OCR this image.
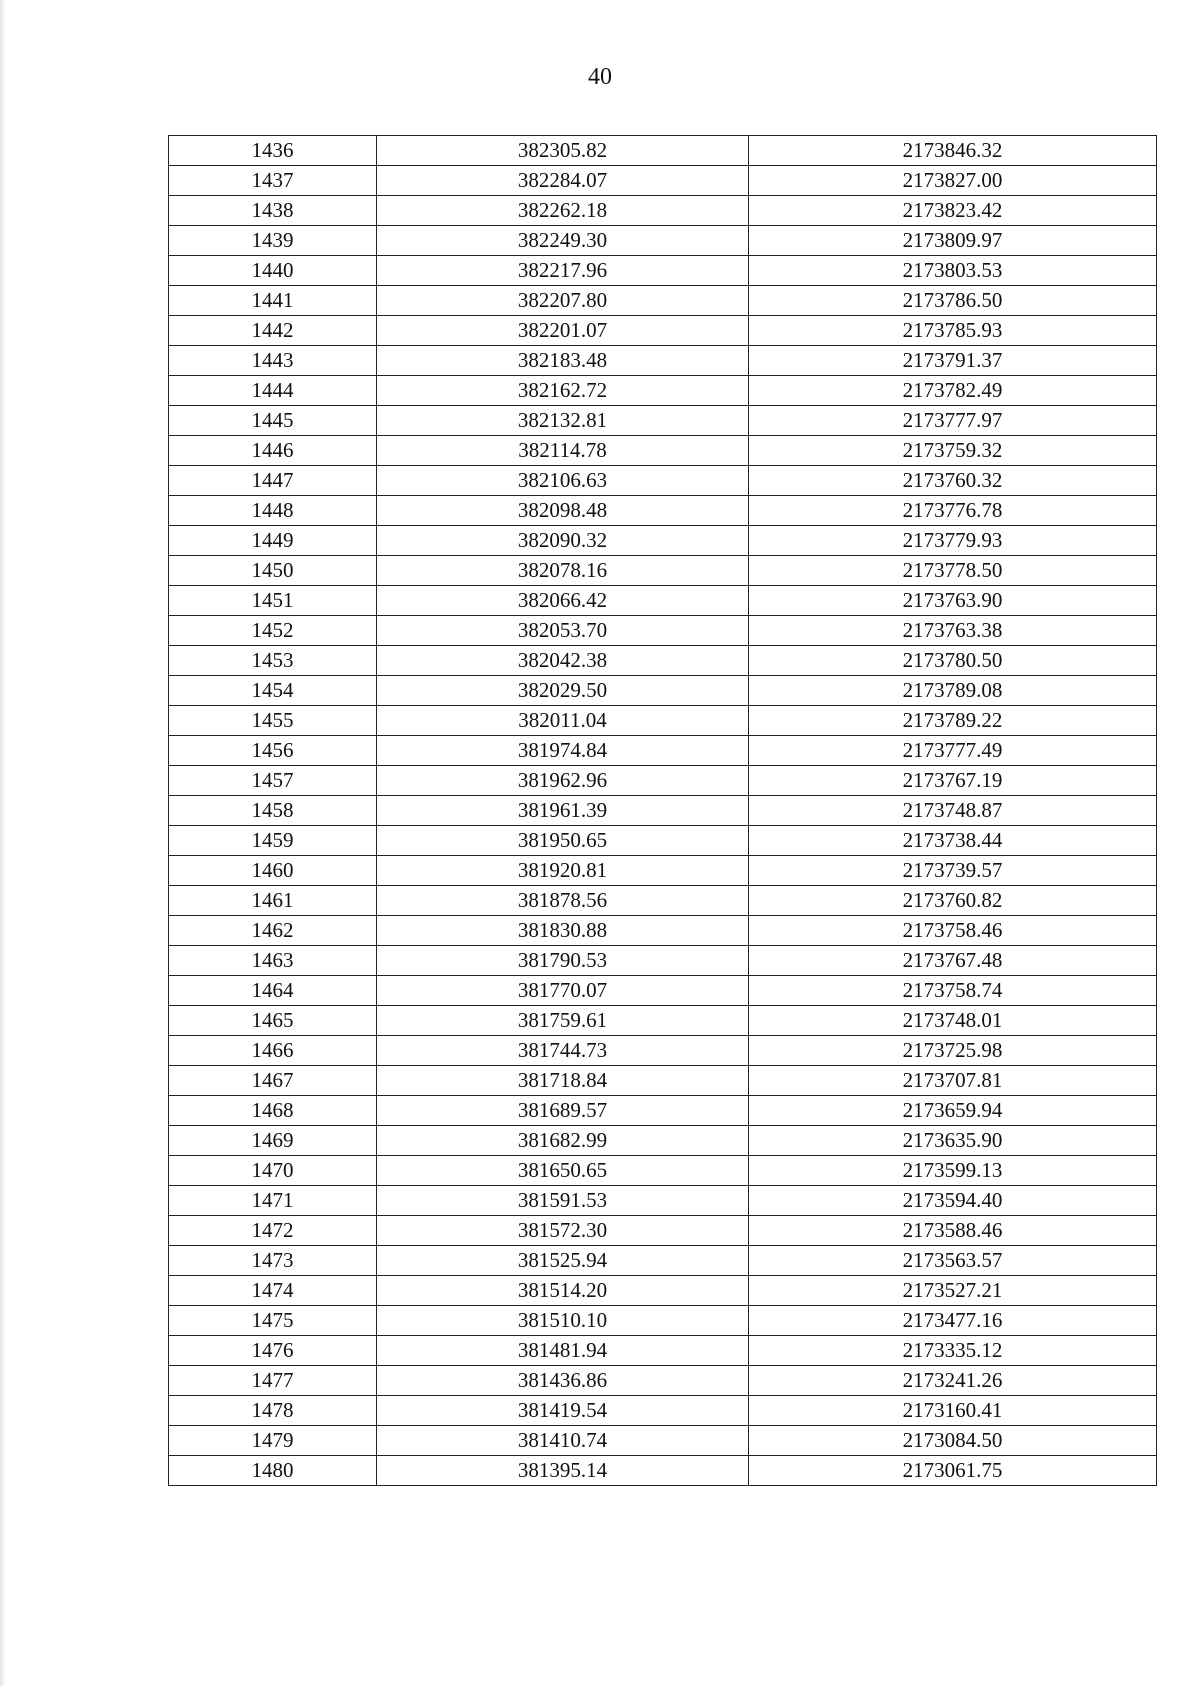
40
1436	382305.82	2173846.32
1437	382284.07	2173827.00
1438	382262.18	2173823.42
1439	382249.30	2173809.97
1440	382217.96	2173803.53
1441	382207.80	2173786.50
1442	382201.07	2173785.93
1443	382183.48	2173791.37
1444	382162.72	2173782.49
1445	382132.81	2173777.97
1446	382114.78	2173759.32
1447	382106.63	2173760.32
1448	382098.48	2173776.78
1449	382090.32	2173779.93
1450	382078.16	2173778.50
1451	382066.42	2173763.90
1452	382053.70	2173763.38
1453	382042.38	2173780.50
1454	382029.50	2173789.08
1455	382011.04	2173789.22
1456	381974.84	2173777.49
1457	381962.96	2173767.19
1458	381961.39	2173748.87
1459	381950.65	2173738.44
1460	381920.81	2173739.57
1461	381878.56	2173760.82
1462	381830.88	2173758.46
1463	381790.53	2173767.48
1464	381770.07	2173758.74
1465	381759.61	2173748.01
1466	381744.73	2173725.98
1467	381718.84	2173707.81
1468	381689.57	2173659.94
1469	381682.99	2173635.90
1470	381650.65	2173599.13
1471	381591.53	2173594.40
1472	381572.30	2173588.46
1473	381525.94	2173563.57
1474	381514.20	2173527.21
1475	381510.10	2173477.16
1476	381481.94	2173335.12
1477	381436.86	2173241.26
1478	381419.54	2173160.41
1479	381410.74	2173084.50
1480	381395.14	2173061.75
